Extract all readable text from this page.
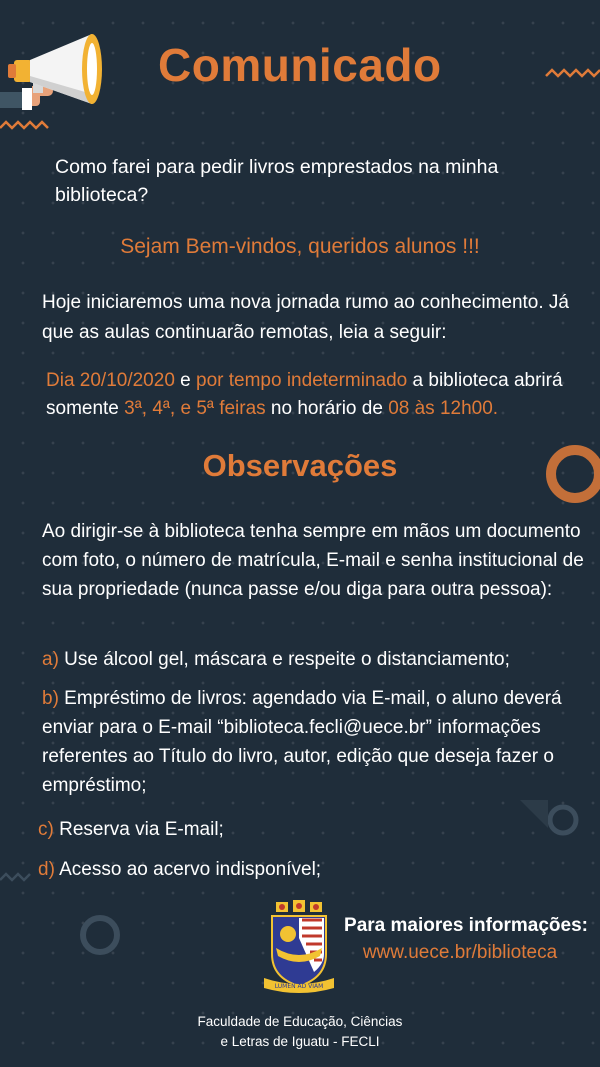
Comunicado

Como farei para pedir livros emprestados na minha biblioteca?

Sejam Bem-vindos, queridos alunos !!!

Hoje iniciaremos uma nova jornada rumo ao conhecimento. Já que as aulas continuarão remotas, leia a seguir:

Dia 20/10/2020 e por tempo indeterminado a biblioteca abrirá somente 3ª, 4ª, e 5ª feiras no horário de 08 às 12h00.

Observações

Ao dirigir-se à biblioteca tenha sempre em mãos um documento com foto, o número de matrícula, E-mail e senha institucional de sua propriedade (nunca passe e/ou diga para outra pessoa):

a) Use álcool gel, máscara e respeite o distanciamento;

b) Empréstimo de livros: agendado via E-mail, o aluno deverá enviar para o E-mail “biblioteca.fecli@uece.br” informações referentes ao Título do livro, autor, edição que deseja fazer o empréstimo;

c) Reserva via E-mail;

d) Acesso ao acervo indisponível;

LUMEN AD VIAM

Para maiores informações:

www.uece.br/biblioteca

Faculdade de Educação, Ciências
e Letras de Iguatu - FECLI
